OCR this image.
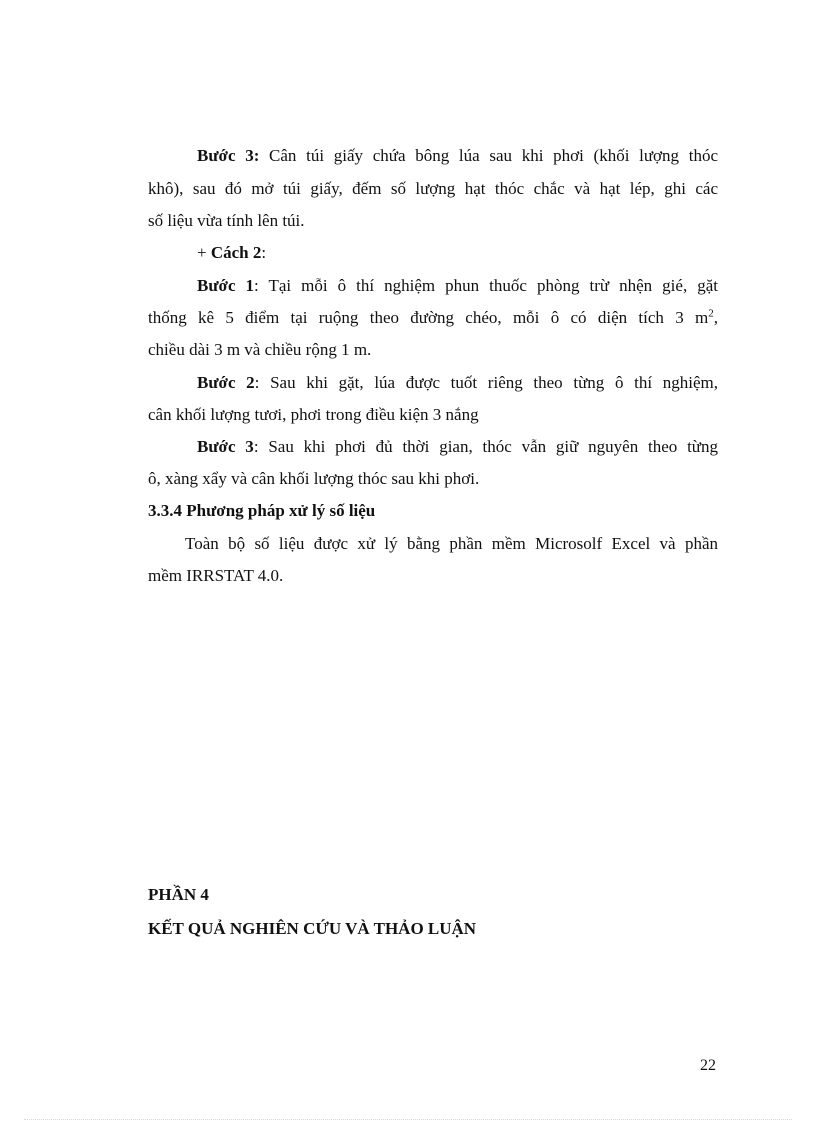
Bước 3: Cân túi giấy chứa bông lúa sau khi phơi (khối lượng thóc
khô), sau đó mở túi giấy, đếm số lượng hạt thóc chắc và hạt lép, ghi các
số liệu vừa tính lên túi.
+ Cách 2:
Bước 1: Tại mỗi ô thí nghiệm phun thuốc phòng trừ nhện gié, gặt
thống kê 5 điểm tại ruộng theo đường chéo, mỗi ô có diện tích 3 $m^2$,
chiều dài 3 m và chiều rộng 1 m.
Bước 2: Sau khi gặt, lúa được tuốt riêng theo từng ô thí nghiệm,
cân khối lượng tươi, phơi trong điều kiện 3 nắng
Bước 3: Sau khi phơi đủ thời gian, thóc vẫn giữ nguyên theo từng
ô, xàng xẩy và cân khối lượng thóc sau khi phơi.
3.3.4 Phương pháp xử lý số liệu
Toàn bộ số liệu được xử lý bằng phần mềm Microsolf Excel và phần
mềm IRRSTAT 4.0.
PHẦN 4
KẾT QUẢ NGHIÊN CỨU VÀ THẢO LUẬN
22
